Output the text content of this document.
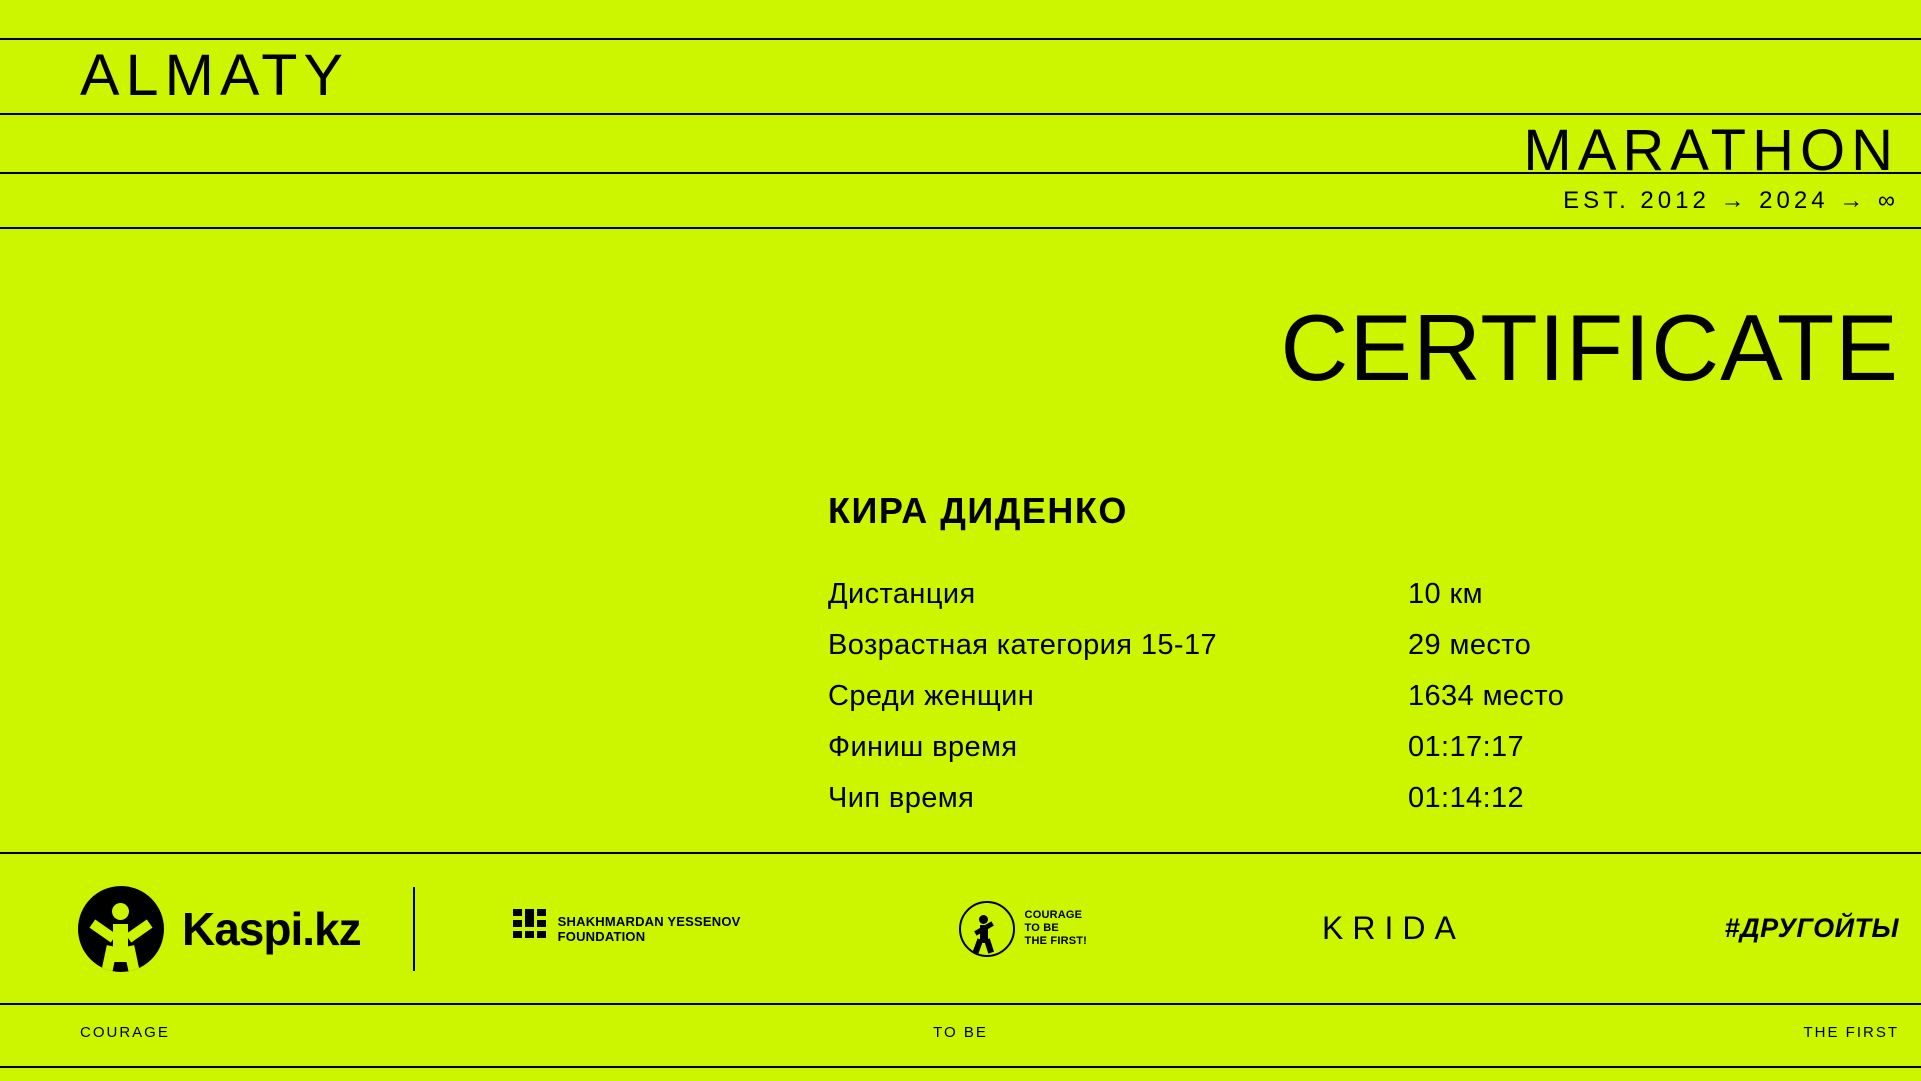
ALMATY
MARATHON
EST. 2012 → 2024 → ∞
CERTIFICATE
КИРА ДИДЕНКО
Дистанция	10 км
Возрастная категория 15-17	29 место
Среди женщин	1634 место
Финиш время	01:17:17
Чип время	01:14:12
Kaspi.kz	SHAKHMARDAN YESSENOV
FOUNDATION
COURAGE
TO BE
THE FIRST!	KRIDA	#ДРУГОЙТЫ
COURAGE	TO BE	THE FIRST
